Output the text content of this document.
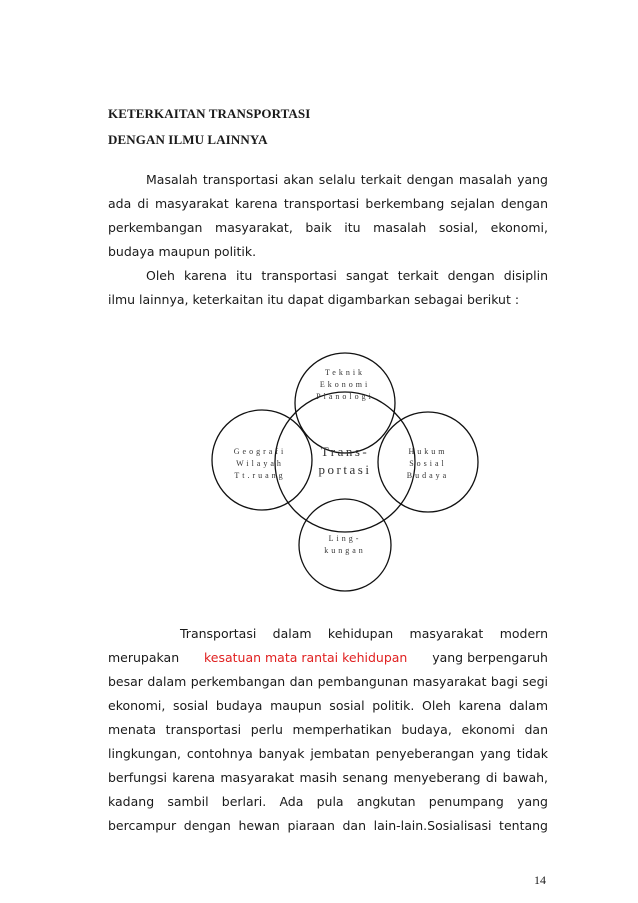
KETERKAITAN TRANSPORTASI

DENGAN ILMU LAINNYA

Masalah transportasi akan selalu terkait dengan masalah yang

ada di masyarakat karena transportasi berkembang sejalan dengan

perkembangan masyarakat, baik itu masalah sosial, ekonomi,

budaya maupun politik.

Oleh karena itu transportasi sangat terkait dengan disiplin

ilmu lainnya, keterkaitan itu dapat digambarkan sebagai berikut :

Trans-
portasi
Teknik
Ekonomi
Planologi
Geografi
Wilayah
Tt.ruang
Hukum
Sosial
Budaya
Ling-
kungan

Transportasi dalam kehidupan masyarakat modern

merupakan kesatuan mata rantai kehidupan yang berpengaruh

besar dalam perkembangan dan pembangunan masyarakat bagi segi

ekonomi, sosial budaya maupun sosial politik. Oleh karena dalam

menata transportasi perlu memperhatikan budaya, ekonomi dan

lingkungan, contohnya banyak jembatan penyeberangan yang tidak

berfungsi karena masyarakat masih senang menyeberang di bawah,

kadang sambil berlari. Ada pula angkutan penumpang yang

bercampur dengan hewan piaraan dan lain-lain.Sosialisasi tentang

14
